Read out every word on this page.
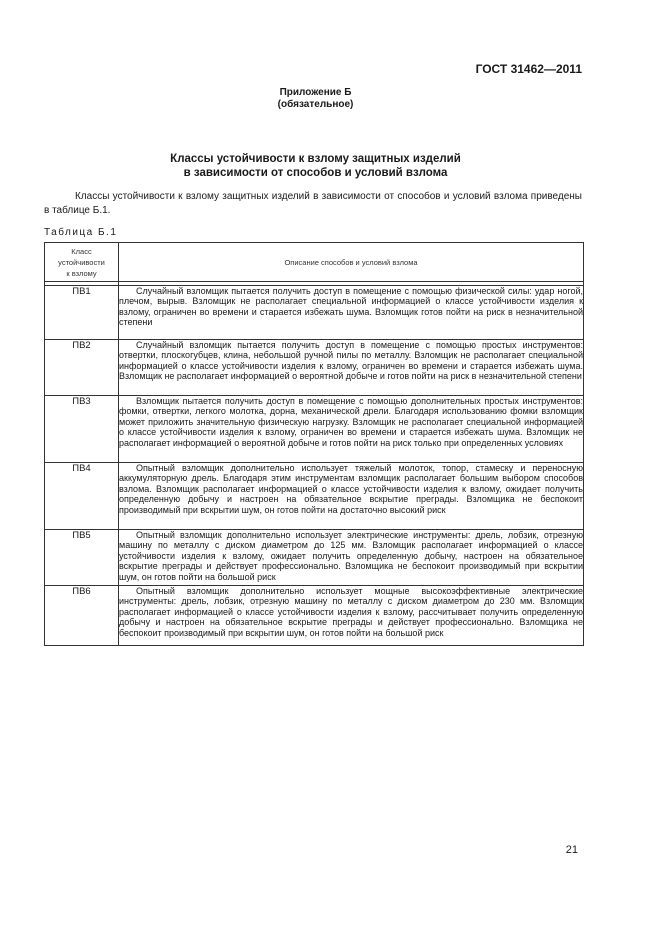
ГОСТ 31462—2011
Приложение Б
(обязательное)
Классы устойчивости к взлому защитных изделий
в зависимости от способов и условий взлома

Классы устойчивости к взлому защитных изделий в зависимости от способов и условий взлома приведены в таблице Б.1.

Таблица Б.1
Класс
устойчивости
к взлому	Описание способов и условий взлома

ПВ1	Случайный взломщик пытается получить доступ в помещение с помощью физической силы: удар ногой, плечом, вырыв. Взломщик не располагает специальной информацией о классе устойчивости изделия к взлому, ограничен во времени и старается избежать шума. Взломщик готов пойти на риск в незначительной степени
ПВ2	Случайный взломщик пытается получить доступ в помещение с помощью простых инструментов: отвертки, плоскогубцев, клина, небольшой ручной пилы по металлу. Взломщик не располагает специальной информацией о классе устойчивости изделия к взлому, ограничен во времени и старается избежать шума. Взломщик не располагает информацией о вероятной добыче и готов пойти на риск в незначительной степени
ПВ3	Взломщик пытается получить доступ в помещение с помощью дополнительных простых инструментов: фомки, отвертки, легкого молотка, дорна, механической дрели. Благодаря использованию фомки взломщик может приложить значительную физическую нагрузку. Взломщик не располагает специальной информацией о классе устойчивости изделия к взлому, ограничен во времени и старается избежать шума. Взломщик не располагает информацией о вероятной добыче и готов пойти на риск только при определенных условиях
ПВ4	Опытный взломщик дополнительно использует тяжелый молоток, топор, стамеску и переносную аккумуляторную дрель. Благодаря этим инструментам взломщик располагает большим выбором способов взлома. Взломщик располагает информацией о классе устойчивости изделия к взлому, ожидает получить определенную добычу и настроен на обязательное вскрытие преграды. Взломщика не беспокоит производимый при вскрытии шум, он готов пойти на достаточно высокий риск
ПВ5	Опытный взломщик дополнительно использует электрические инструменты: дрель, лобзик, отрезную машину по металлу с диском диаметром до 125 мм. Взломщик располагает информацией о классе устойчивости изделия к взлому, ожидает получить определенную добычу, настроен на обязательное вскрытие преграды и действует профессионально. Взломщика не беспокоит производимый при вскрытии шум, он готов пойти на большой риск
ПВ6	Опытный взломщик дополнительно использует мощные высокоэффективные электрические инструменты: дрель, лобзик, отрезную машину по металлу с диском диаметром до 230 мм. Взломщик располагает информацией о классе устойчивости изделия к взлому, рассчитывает получить определенную добычу и настроен на обязательное вскрытие преграды и действует профессионально. Взломщика не беспокоит производимый при вскрытии шум, он готов пойти на большой риск
21
